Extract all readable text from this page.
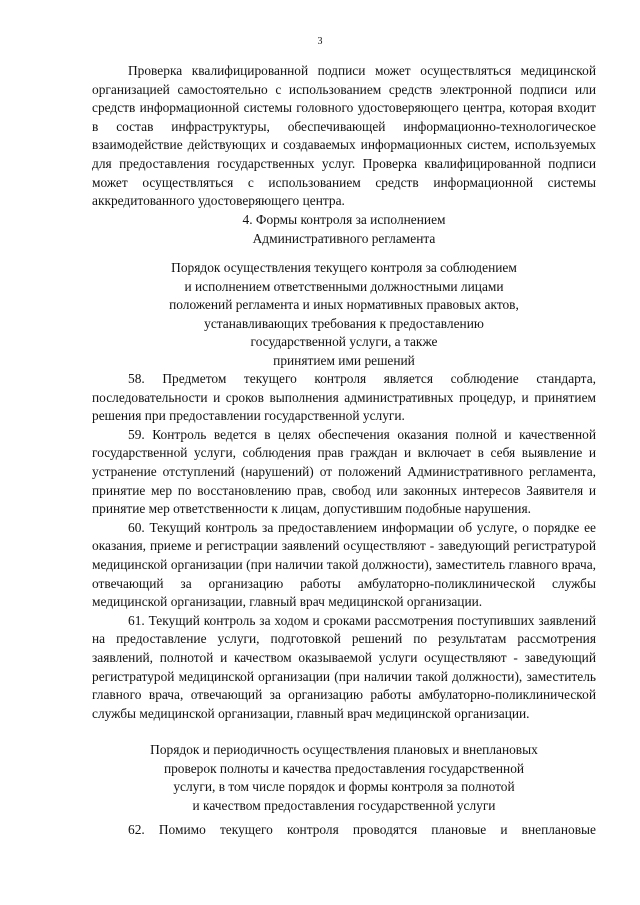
3

Проверка квалифицированной подписи может осуществляться медицинской организацией самостоятельно с использованием средств электронной подписи или средств информационной системы головного удостоверяющего центра, которая входит в состав инфраструктуры, обеспечивающей информационно-технологическое взаимодействие действующих и создаваемых информационных систем, используемых для предоставления государственных услуг. Проверка квалифицированной подписи может осуществляться с использованием средств информационной системы аккредитованного удостоверяющего центра.

4. Формы контроля за исполнением
Административного регламента
Порядок осуществления текущего контроля за соблюдением
и исполнением ответственными должностными лицами
положений регламента и иных нормативных правовых актов,
устанавливающих требования к предоставлению
государственной услуги, а также
принятием ими решений

58. Предметом текущего контроля является соблюдение стандарта, последовательности и сроков выполнения административных процедур, и принятием решения при предоставлении государственной услуги.

59. Контроль ведется в целях обеспечения оказания полной и качественной государственной услуги, соблюдения прав граждан и включает в себя выявление и устранение отступлений (нарушений) от положений Административного регламента, принятие мер по восстановлению прав, свобод или законных интересов Заявителя и принятие мер ответственности к лицам, допустившим подобные нарушения.

60. Текущий контроль за предоставлением информации об услуге, о порядке ее оказания, приеме и регистрации заявлений осуществляют - заведующий регистратурой медицинской организации (при наличии такой должности), заместитель главного врача, отвечающий за организацию работы амбулаторно-поликлинической службы медицинской организации, главный врач медицинской организации.

61. Текущий контроль за ходом и сроками рассмотрения поступивших заявлений на предоставление услуги, подготовкой решений по результатам рассмотрения заявлений, полнотой и качеством оказываемой услуги осуществляют - заведующий регистратурой медицинской организации (при наличии такой должности), заместитель главного врача, отвечающий за организацию работы амбулаторно-поликлинической службы медицинской организации, главный врач медицинской организации.

Порядок и периодичность осуществления плановых и внеплановых
проверок полноты и качества предоставления государственной
услуги, в том числе порядок и формы контроля за полнотой
и качеством предоставления государственной услуги

62. Помимо текущего контроля проводятся плановые и внеплановые
